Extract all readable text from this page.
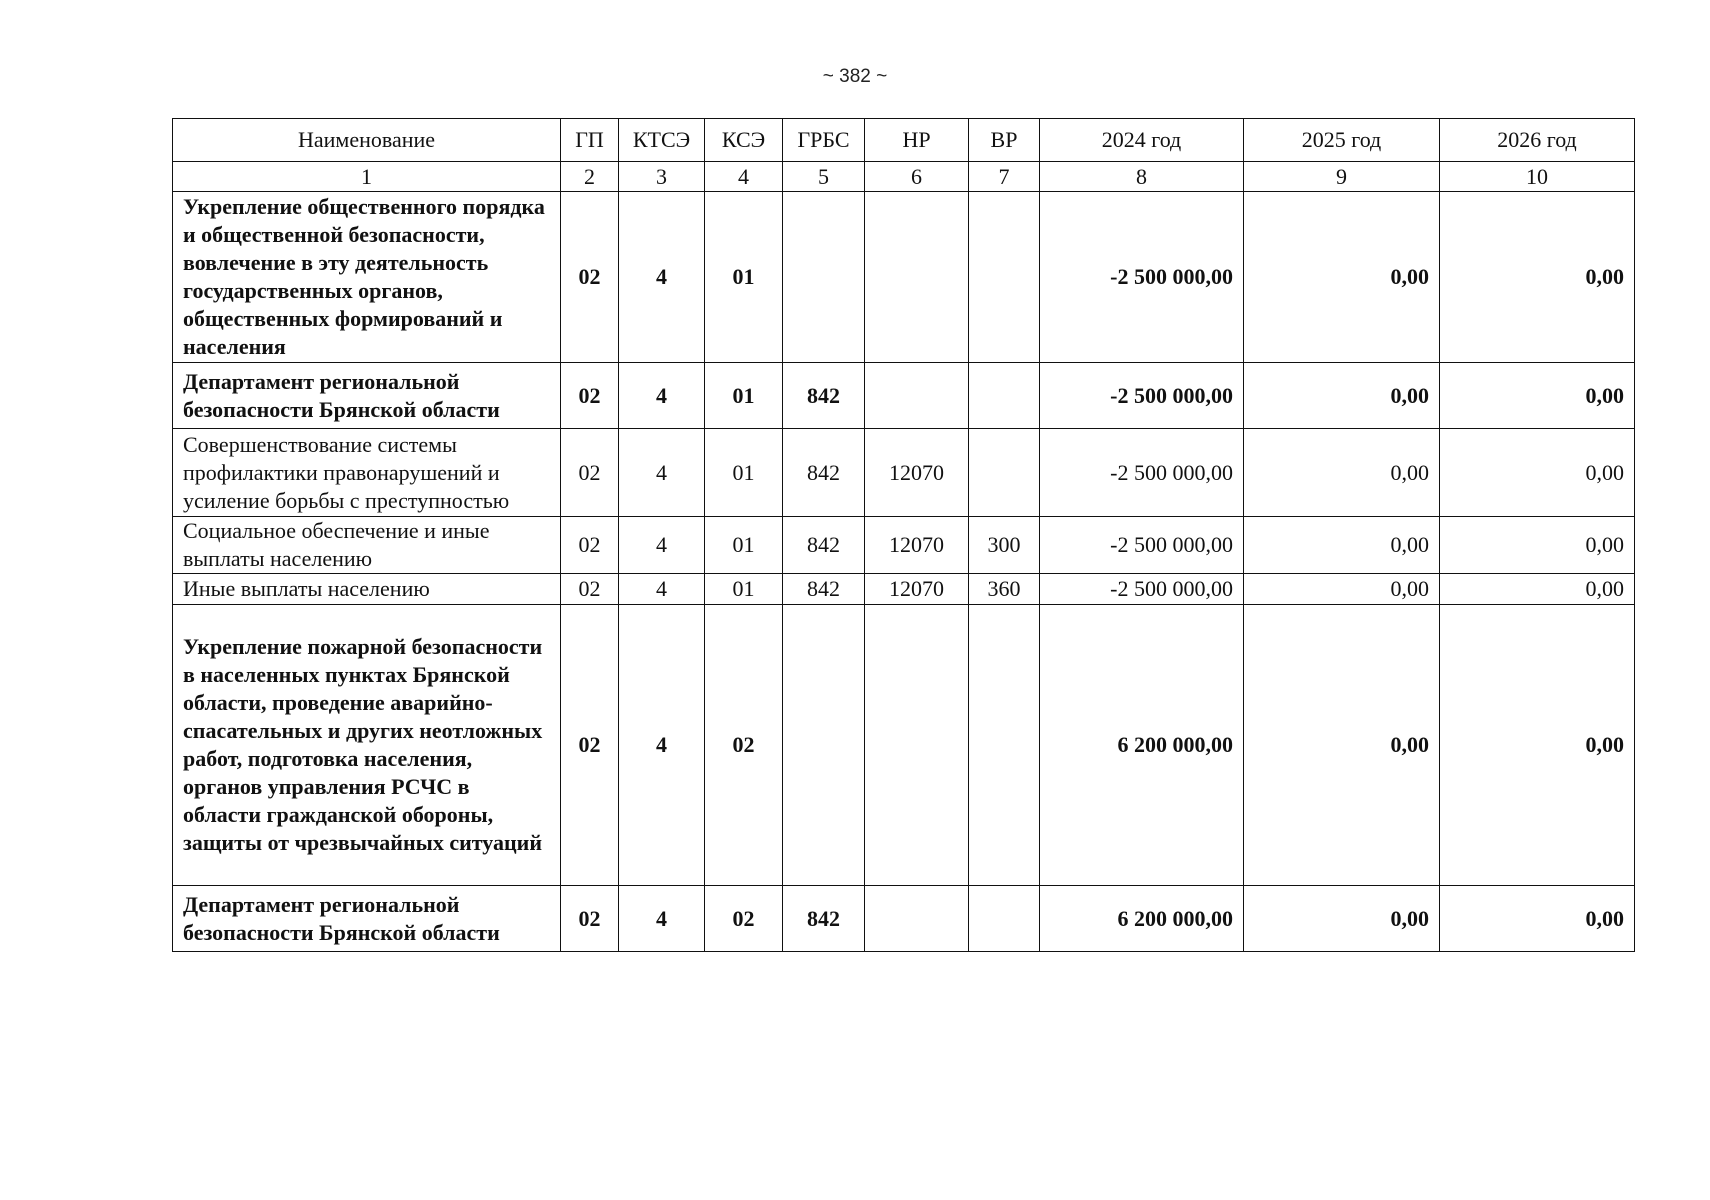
~ 382 ~
Наименование	ГП	КТСЭ	КСЭ	ГРБС	НР	ВР	2024 год	2025 год	2026 год
1	2	3	4	5	6	7	8	9	10
Укрепление общественного порядка и общественной безопасности, вовлечение в эту деятельность государственных органов, общественных формирований и населения	02	4	01				-2 500 000,00	0,00	0,00
Департамент региональной безопасности Брянской области	02	4	01	842			-2 500 000,00	0,00	0,00
Совершенствование системы профилактики правонарушений и усиление борьбы с преступностью	02	4	01	842	12070		-2 500 000,00	0,00	0,00
Социальное обеспечение и иные выплаты населению	02	4	01	842	12070	300	-2 500 000,00	0,00	0,00
Иные выплаты населению	02	4	01	842	12070	360	-2 500 000,00	0,00	0,00
Укрепление пожарной безопасности в населенных пунктах Брянской области, проведение аварийно-спасательных и других неотложных работ, подготовка населения, органов управления РСЧС в области гражданской обороны, защиты от чрезвычайных ситуаций	02	4	02				6 200 000,00	0,00	0,00
Департамент региональной безопасности Брянской области	02	4	02	842			6 200 000,00	0,00	0,00
